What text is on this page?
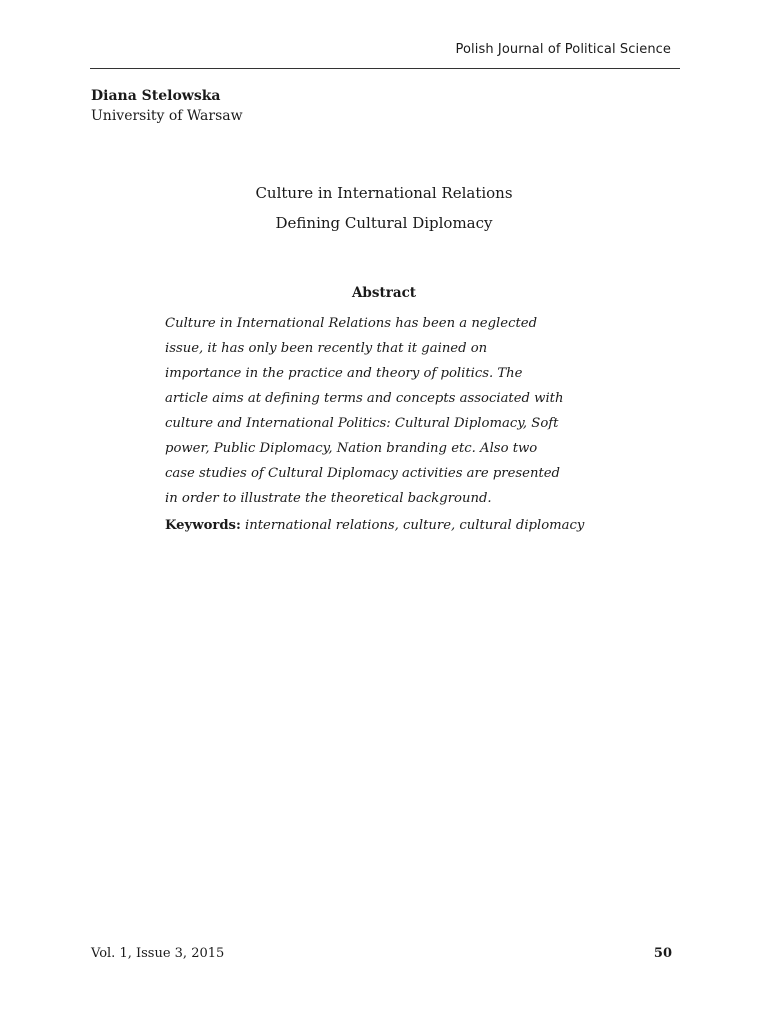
Polish Journal of Political Science
Diana Stelowska
University of Warsaw
Culture in International Relations
Defining Cultural Diplomacy
Abstract
Culture in International Relations has been a neglected
issue, it has only been recently that it gained on
importance in the practice and theory of politics. The
article aims at defining terms and concepts associated with
culture and International Politics: Cultural Diplomacy, Soft
power, Public Diplomacy, Nation branding etc. Also two
case studies of Cultural Diplomacy activities are presented
in order to illustrate the theoretical background.
Keywords: international relations, culture, cultural diplomacy
Vol. 1, Issue 3, 2015	50
